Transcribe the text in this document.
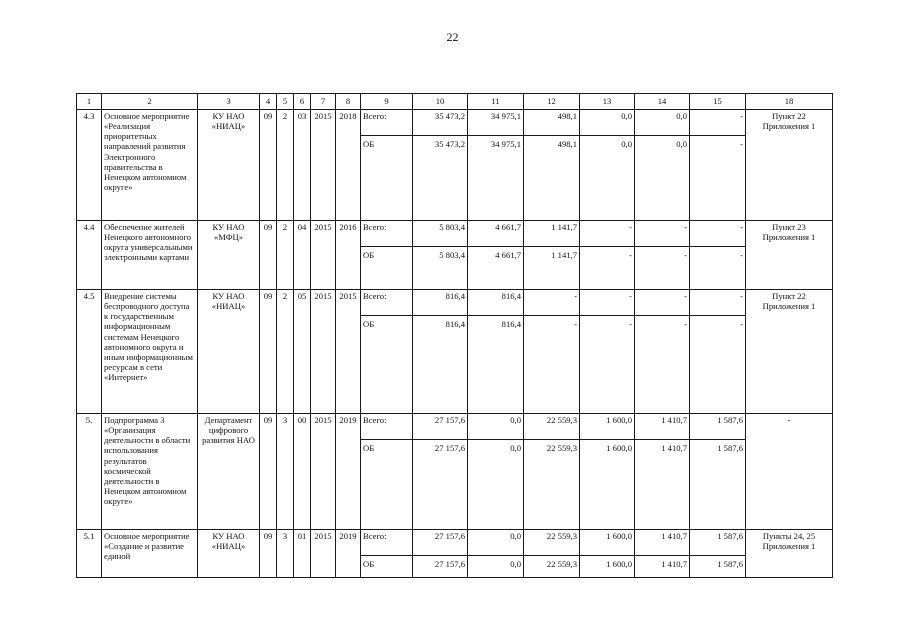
22
1	2	3	4	5	6	7	8	9	10	11	12	13	14	15	18
4.3	Основное мероприятие «Реализация приоритетных направлений развития Электронного правительства в Ненецком автономном округе»	КУ НАО «НИАЦ»	09	2	03	2015	2018	Всего:	35 473,2	34 975,1	498,1	0,0	0,0	-	Пункт 22 Приложения 1
								ОБ	35 473,2	34 975,1	498,1	0,0	0,0	-	
4.4	Обеспечение жителей Ненецкого автономного округа универсальными электронными картами	КУ НАО «МФЦ»	09	2	04	2015	2016	Всего:	5 803,4	4 661,7	1 141,7	-	-	-	Пункт 23 Приложения 1
								ОБ	5 803,4	4 661,7	1 141,7	-	-	-	
4.5	Внедрение системы беспроводного доступа к государственным информационным системам Ненецкого автономного округа и иным информационным ресурсам в сети «Интернет»	КУ НАО «НИАЦ»	09	2	05	2015	2015	Всего:	816,4	816,4	-	-	-	-	Пункт 22 Приложения 1
								ОБ	816,4	816,4	-	-	-	-	
5.	Подпрограмма 3 «Организация деятельности в области использования результатов космической деятельности в Ненецком автономном округе»	Департамент цифрового развития НАО	09	3	00	2015	2019	Всего:	27 157,6	0,0	22 559,3	1 600,0	1 410,7	1 587,6	-
								ОБ	27 157,6	0,0	22 559,3	1 600,0	1 410,7	1 587,6	
5.1	Основное мероприятие «Создание и развитие единой	КУ НАО «НИАЦ»	09	3	01	2015	2019	Всего:	27 157,6	0,0	22 559,3	1 600,0	1 410,7	1 587,6	Пункты 24, 25 Приложения 1
								ОБ	27 157,6	0,0	22 559,3	1 600,0	1 410,7	1 587,6	
